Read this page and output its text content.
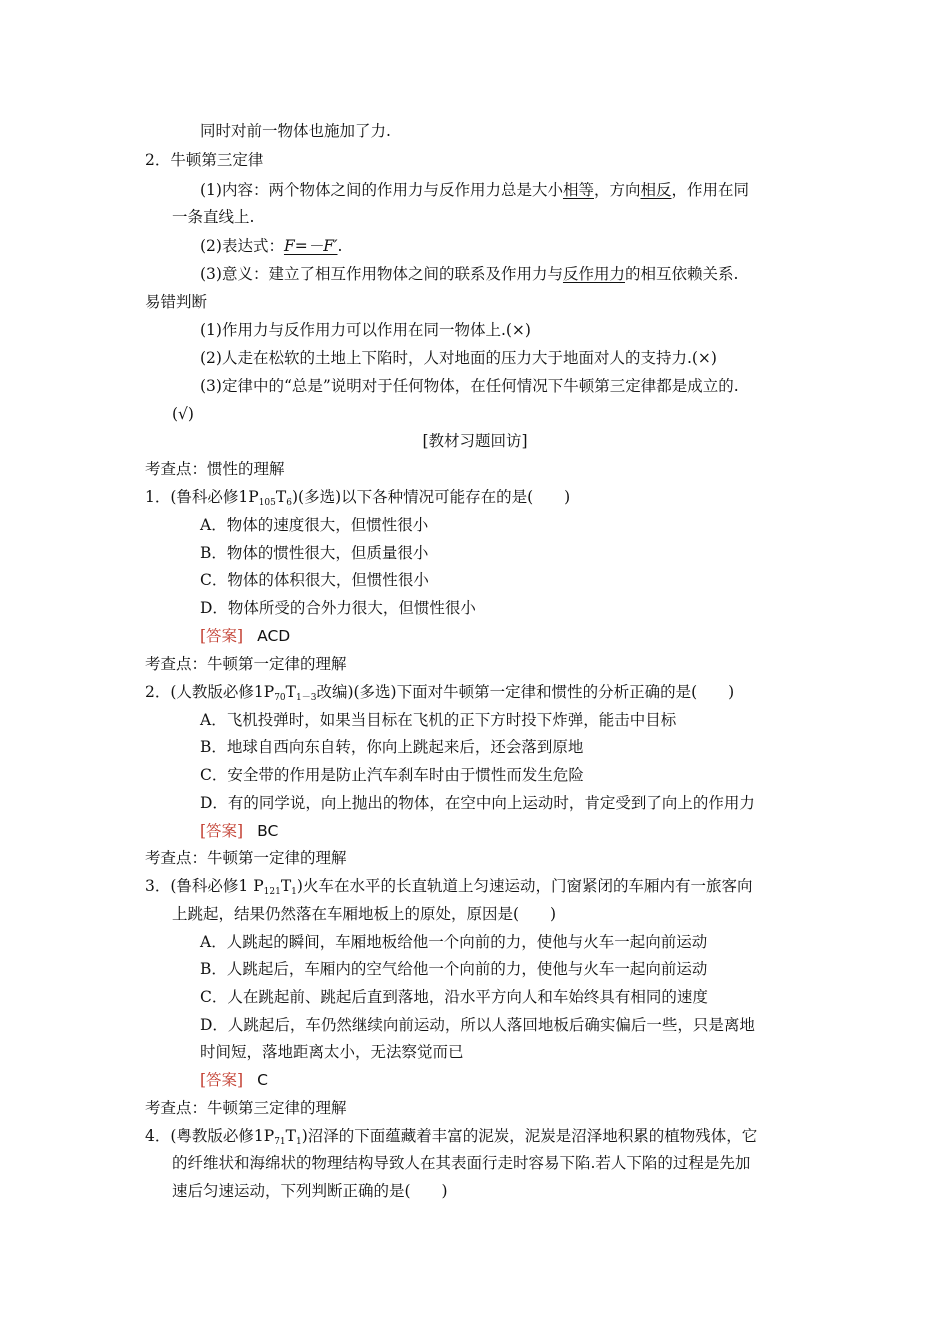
同时对前一物体也施加了力.
2．牛顿第三定律
(1)内容：两个物体之间的作用力与反作用力总是大小相等，方向相反，作用在同
一条直线上.
(2)表达式：F=－F′.
(3)意义：建立了相互作用物体之间的联系及作用力与反作用力的相互依赖关系.
易错判断
(1)作用力与反作用力可以作用在同一物体上.(×)
(2)人走在松软的土地上下陷时，人对地面的压力大于地面对人的支持力.(×)
(3)定律中的“总是”说明对于任何物体，在任何情况下牛顿第三定律都是成立的.
(√)
[教材习题回访]
考查点：惯性的理解
1．(鲁科必修$1P_{105}T_6$)(多选)以下各种情况可能存在的是(　　)
A．物体的速度很大，但惯性很小
B．物体的惯性很大，但质量很小
C．物体的体积很大，但惯性很小
D．物体所受的合外力很大，但惯性很小
[答案] ACD
考查点：牛顿第一定律的理解
2．(人教版必修$1P_{70}T_{1-3}$改编)(多选)下面对牛顿第一定律和惯性的分析正确的是(　　)
A．飞机投弹时，如果当目标在飞机的正下方时投下炸弹，能击中目标
B．地球自西向东自转，你向上跳起来后，还会落到原地
C．安全带的作用是防止汽车刹车时由于惯性而发生危险
D．有的同学说，向上抛出的物体，在空中向上运动时，肯定受到了向上的作用力
[答案] BC
考查点：牛顿第一定律的理解
3．(鲁科必修1 $P_{121}T_1$)火车在水平的长直轨道上匀速运动，门窗紧闭的车厢内有一旅客向
上跳起，结果仍然落在车厢地板上的原处，原因是(　　)
A．人跳起的瞬间，车厢地板给他一个向前的力，使他与火车一起向前运动
B．人跳起后，车厢内的空气给他一个向前的力，使他与火车一起向前运动
C．人在跳起前、跳起后直到落地，沿水平方向人和车始终具有相同的速度
D．人跳起后，车仍然继续向前运动，所以人落回地板后确实偏后一些，只是离地
时间短，落地距离太小，无法察觉而已
[答案] C
考查点：牛顿第三定律的理解
4．(粤教版必修$1P_{71}T_1$)沼泽的下面蕴藏着丰富的泥炭，泥炭是沼泽地积累的植物残体，它
的纤维状和海绵状的物理结构导致人在其表面行走时容易下陷.若人下陷的过程是先加
速后匀速运动，下列判断正确的是(　　)
